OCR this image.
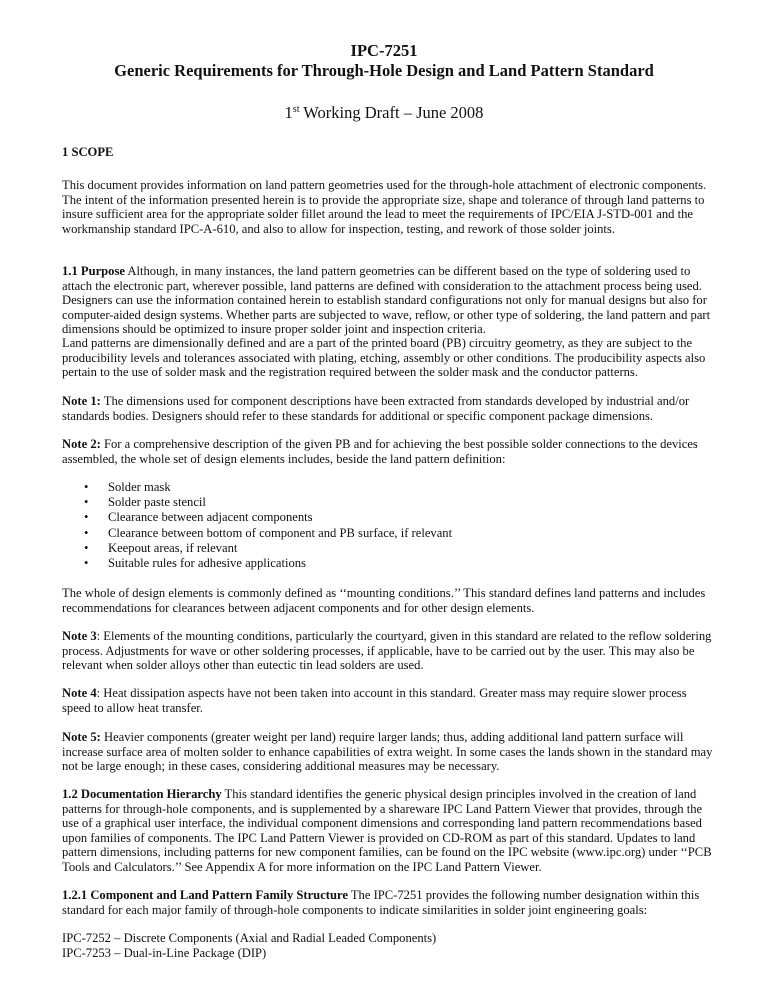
IPC-7251
Generic Requirements for Through-Hole Design and Land Pattern Standard
1st Working Draft – June 2008

1 SCOPE

This document provides information on land pattern geometries used for the through-hole attachment of electronic components. The intent of the information presented herein is to provide the appropriate size, shape and tolerance of through land patterns to insure sufficient area for the appropriate solder fillet around the lead to meet the requirements of IPC/EIA J-STD-001 and the workmanship standard IPC-A-610, and also to allow for inspection, testing, and rework of those solder joints.

1.1 Purpose Although, in many instances, the land pattern geometries can be different based on the type of soldering used to attach the electronic part, wherever possible, land patterns are defined with consideration to the attachment process being used. Designers can use the information contained herein to establish standard configurations not only for manual designs but also for computer-aided design systems. Whether parts are subjected to wave, reflow, or other type of soldering, the land pattern and part dimensions should be optimized to insure proper solder joint and inspection criteria.

Land patterns are dimensionally defined and are a part of the printed board (PB) circuitry geometry, as they are subject to the producibility levels and tolerances associated with plating, etching, assembly or other conditions. The producibility aspects also pertain to the use of solder mask and the registration required between the solder mask and the conductor patterns.

Note 1: The dimensions used for component descriptions have been extracted from standards developed by industrial and/or standards bodies. Designers should refer to these standards for additional or specific component package dimensions.

Note 2: For a comprehensive description of the given PB and for achieving the best possible solder connections to the devices assembled, the whole set of design elements includes, beside the land pattern definition:

• Solder mask
• Solder paste stencil
• Clearance between adjacent components
• Clearance between bottom of component and PB surface, if relevant
• Keepout areas, if relevant
• Suitable rules for adhesive applications

The whole of design elements is commonly defined as ‘‘mounting conditions.’’ This standard defines land patterns and includes recommendations for clearances between adjacent components and for other design elements.

Note 3: Elements of the mounting conditions, particularly the courtyard, given in this standard are related to the reflow soldering process. Adjustments for wave or other soldering processes, if applicable, have to be carried out by the user. This may also be relevant when solder alloys other than eutectic tin lead solders are used.

Note 4: Heat dissipation aspects have not been taken into account in this standard. Greater mass may require slower process speed to allow heat transfer.

Note 5: Heavier components (greater weight per land) require larger lands; thus, adding additional land pattern surface will increase surface area of molten solder to enhance capabilities of extra weight. In some cases the lands shown in the standard may not be large enough; in these cases, considering additional measures may be necessary.

1.2 Documentation Hierarchy This standard identifies the generic physical design principles involved in the creation of land patterns for through-hole components, and is supplemented by a shareware IPC Land Pattern Viewer that provides, through the use of a graphical user interface, the individual component dimensions and corresponding land pattern recommendations based upon families of components. The IPC Land Pattern Viewer is provided on CD-ROM as part of this standard. Updates to land pattern dimensions, including patterns for new component families, can be found on the IPC website (www.ipc.org) under ‘‘PCB Tools and Calculators.’’ See Appendix A for more information on the IPC Land Pattern Viewer.

1.2.1 Component and Land Pattern Family Structure The IPC-7251 provides the following number designation within this standard for each major family of through-hole components to indicate similarities in solder joint engineering goals:

IPC-7252 – Discrete Components (Axial and Radial Leaded Components)
IPC-7253 – Dual-in-Line Package (DIP)
